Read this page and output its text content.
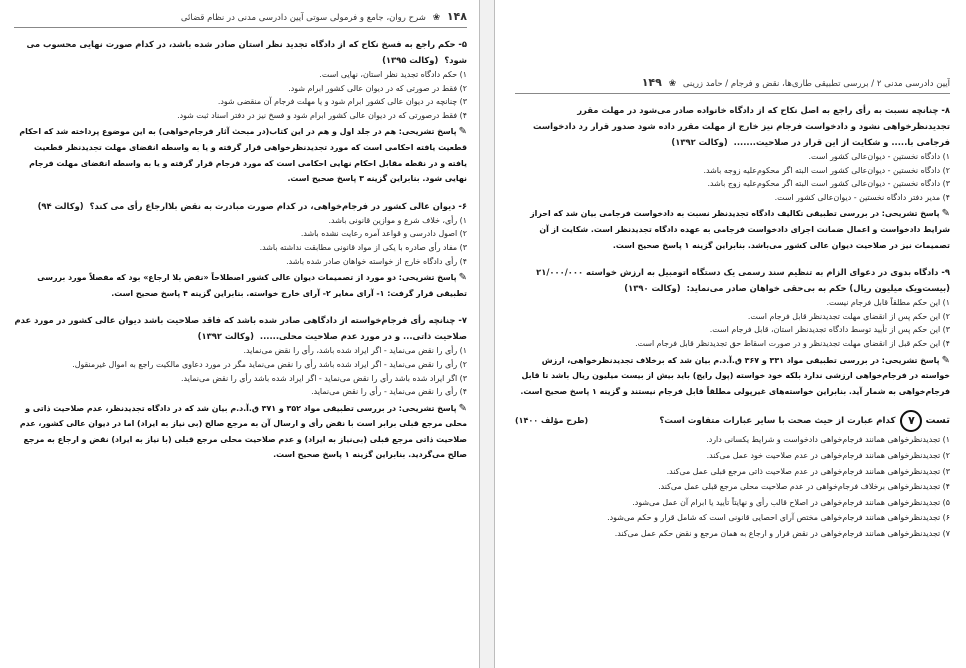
۱۴۸ ❀ شرح روان، جامع و فرمولی سوتی آیین دادرسی مدنی در نظام قضائی

۵- حکم راجع به فسخ نکاح که از دادگاه تجدید نظر استان صادر شده باشد، در کدام صورت نهایی محسوب می شود؟(وکالت ۱۳۹۵)

۱) حکم دادگاه تجدید نظر استان، نهایی است.

۲) فقط در صورتی که در دیوان عالی کشور ابرام شود.

۳) چنانچه در دیوان عالی کشور ابرام شود و یا مهلت فرجام آن منقضی شود.

۴) فقط درصورتی که در دیوان عالی کشور ابرام شود و فسخ نیز در دفتر اسناد ثبت شود.

✎ پاسخ تشریحی: هم در جلد اول و هم در این کتاب(در مبحث آثار فرجام‌خواهی) به این موضوع پرداخته شد که احکام قطعیت یافته احکامی است که مورد تجدیدنظرخواهی قرار گرفته و یا به واسطه انقضای مهلت تجدیدنظر قطعیت یافته و در نقطه مقابل احکام نهایی احکامی است که مورد فرجام قرار گرفته و یا به واسطه انقضای مهلت فرجام نهایی شود. بنابراین گزینه ۳ پاسخ صحیح است.

۶- دیوان عالی کشور در فرجام‌خواهی، در کدام صورت مبادرت به نقض بلاارجاع رأی می کند؟(وکالت ۹۴)

۱) رأی، خلاف شرع و موازین قانونی باشد.

۲) اصول دادرسی و قواعد آمره رعایت نشده باشد.

۳) مفاد رأی صادره با یکی از مواد قانونی مطابقت نداشته باشد.

۴) رأی دادگاه خارج از خواسته خواهان صادر شده باشد.

✎ پاسخ تشریحی: دو مورد از تصمیمات دیوان عالی کشور اصطلاحاً «نقض بلا ارجاع» بود که مفصلاً مورد بررسی تطبیقی قرار گرفت: ۱- آرای مغایر ۲- آرای خارج خواسته. بنابراین گزینه ۴ پاسخ صحیح است.

۷- چنانچه رأی فرجام‌خواسته از دادگاهی صادر شده باشد که فاقد صلاحیت باشد دیوان عالی کشور در مورد عدم صلاحیت ذاتی... و در مورد عدم صلاحیت محلی......(وکالت ۱۳۹۲)

۱) رأی را نقض می‌نماید - اگر ایراد شده باشد، رأی را نقض می‌نماید.

۲) رأی را نقض می‌نماید - اگر ایراد شده باشد رأی را نقض می‌نماید مگر در مورد دعاوی مالکیت راجع به اموال غیرمنقول.

۳) اگر ایراد شده باشد رأی را نقض می‌نماید - اگر ایراد شده باشد رأی را نقض می‌نماید.

۴) رأی را نقض می‌نماید - رأی را نقض می‌نماید.

✎ پاسخ تشریحی: در بررسی تطبیقی مواد ۳۵۲ و ۳۷۱ ق.آ.د.م بیان شد که در دادگاه تجدیدنظر، عدم صلاحیت ذاتی و محلی مرجع قبلی برابر است با نقض رأی و ارسال آن به مرجع صالح (بی نیاز به ایراد) اما در دیوان عالی کشور، عدم صلاحیت ذاتی مرجع قبلی (بی‌نیاز به ایراد) و عدم صلاحیت محلی مرجع قبلی (با نیاز به ایراد) نقض و ارجاع به مرجع صالح می‌گردید. بنابراین گزینه ۱ پاسخ صحیح است.

آیین دادرسی مدنی ۲ / بررسی تطبیقی طاری‌ها، نقض و فرجام / حامد زرینی ❀ ۱۴۹

۸- چنانچه نسبت به رأی راجع به اصل نکاح که از دادگاه خانواده صادر می‌شود در مهلت مقرر تجدیدنظرخواهی نشود و دادخواست فرجام نیز خارج از مهلت مقرر داده شود صدور قرار رد دادخواست فرجامی با..... و شکایت از این قرار در صلاحیت.......(وکالت ۱۳۹۲)

۱) دادگاه نخستین - دیوان‌عالی کشور است.

۲) دادگاه نخستین - دیوان‌عالی کشور است البته اگر محکوم‌علیه زوجه باشد.

۳) دادگاه نخستین - دیوان‌عالی کشور است البته اگر محکوم‌علیه زوج باشد.

۴) مدیر دفتر دادگاه نخستین - دیوان‌عالی کشور است.

✎ پاسخ تشریحی: در بررسی تطبیقی تکالیف دادگاه تجدیدنظر نسبت به دادخواست فرجامی بیان شد که احراز شرایط دادخواست و اعمال ضمانت اجرای دادخواست فرجامی به عهده دادگاه تجدیدنظر است. شکایت از آن تصمیمات نیز در صلاحیت دیوان عالی کشور می‌باشد. بنابراین گزینه ۱ پاسخ صحیح است.

۹- دادگاه بدوی در دعوای الزام به تنظیم سند رسمی یک دستگاه اتومبیل به ارزش خواسته ۲۱/۰۰۰/۰۰۰ (بیست‌ویک میلیون ریال) حکم به بی‌حقی خواهان صادر می‌نماید:(وکالت ۱۳۹۰)

۱) این حکم مطلقاً قابل فرجام نیست.

۲) این حکم پس از انقضای مهلت تجدیدنظر قابل فرجام است.

۳) این حکم پس از تأیید توسط دادگاه تجدیدنظر استان، قابل فرجام است.

۴) این حکم قبل از انقضای مهلت تجدیدنظر و در صورت اسقاط حق تجدیدنظر قابل فرجام است.

✎ پاسخ تشریحی: در بررسی تطبیقی مواد ۳۳۱ و ۳۶۷ ق.آ.د.م بیان شد که برخلاف تجدیدنظرخواهی، ارزش خواسته در فرجام‌خواهی ارزشی ندارد بلکه خود خواسته (پول رایج) باید بیش از بیست میلیون ریال باشد تا قابل فرجام‌خواهی به شمار آید. بنابراین خواسته‌های غیرپولی مطلقاً قابل فرجام نیستند و گزینه ۱ پاسخ صحیح است.

تست
۷
کدام عبارت از حیث صحت با سایر عبارات متفاوت است؟
(طرح مؤلف ۱۴۰۰)

۱) تجدیدنظرخواهی همانند فرجام‌خواهی دادخواست و شرایط یکسانی دارد.

۲) تجدیدنظرخواهی همانند فرجام‌خواهی در عدم صلاحیت خود عمل می‌کند.

۳) تجدیدنظرخواهی همانند فرجام‌خواهی در عدم صلاحیت ذاتی مرجع قبلی عمل می‌کند.

۴) تجدیدنظرخواهی برخلاف فرجام‌خواهی در عدم صلاحیت محلی مرجع قبلی عمل می‌کند.

۵) تجدیدنظرخواهی همانند فرجام‌خواهی در اصلاح قالب رأی و نهایتاً تأیید یا ابرام آن عمل می‌شود.

۶) تجدیدنظرخواهی همانند فرجام‌خواهی مختص آرای احصایی قانونی است که شامل قرار و حکم می‌شود.

۷) تجدیدنظرخواهی همانند فرجام‌خواهی در نقض قرار و ارجاع به همان مرجع و نقض حکم عمل می‌کند.
